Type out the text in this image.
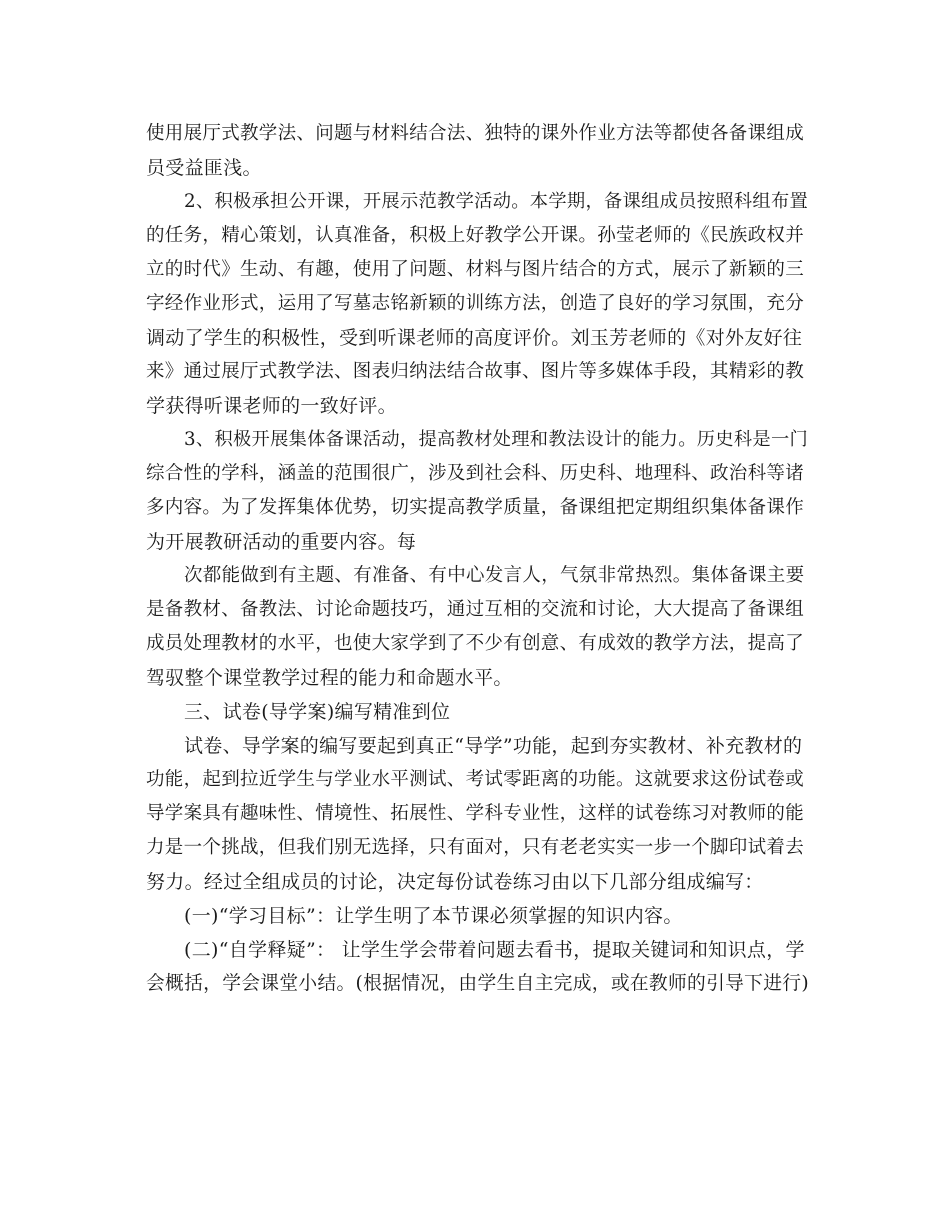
使用展厅式教学法、问题与材料结合法、独特的课外作业方法等都使各备课组成
员受益匪浅。
2、积极承担公开课，开展示范教学活动。本学期，备课组成员按照科组布置
的任务，精心策划，认真准备，积极上好教学公开课。孙莹老师的《民族政权并
立的时代》生动、有趣，使用了问题、材料与图片结合的方式，展示了新颖的三
字经作业形式，运用了写墓志铭新颖的训练方法，创造了良好的学习氛围，充分
调动了学生的积极性，受到听课老师的高度评价。刘玉芳老师的《对外友好往
来》通过展厅式教学法、图表归纳法结合故事、图片等多媒体手段，其精彩的教
学获得听课老师的一致好评。
3、积极开展集体备课活动，提高教材处理和教法设计的能力。历史科是一门
综合性的学科，涵盖的范围很广，涉及到社会科、历史科、地理科、政治科等诸
多内容。为了发挥集体优势，切实提高教学质量，备课组把定期组织集体备课作
为开展教研活动的重要内容。每
次都能做到有主题、有准备、有中心发言人，气氛非常热烈。集体备课主要
是备教材、备教法、讨论命题技巧，通过互相的交流和讨论，大大提高了备课组
成员处理教材的水平，也使大家学到了不少有创意、有成效的教学方法，提高了
驾驭整个课堂教学过程的能力和命题水平。
三、试卷(导学案)编写精准到位
试卷、导学案的编写要起到真正“导学”功能，起到夯实教材、补充教材的
功能，起到拉近学生与学业水平测试、考试零距离的功能。这就要求这份试卷或
导学案具有趣味性、情境性、拓展性、学科专业性，这样的试卷练习对教师的能
力是一个挑战，但我们别无选择，只有面对，只有老老实实一步一个脚印试着去
努力。经过全组成员的讨论，决定每份试卷练习由以下几部分组成编写：
(一)“学习目标”：让学生明了本节课必须掌握的知识内容。
(二)“自学释疑”： 让学生学会带着问题去看书，提取关键词和知识点，学
会概括，学会课堂小结。(根据情况，由学生自主完成，或在教师的引导下进行)
